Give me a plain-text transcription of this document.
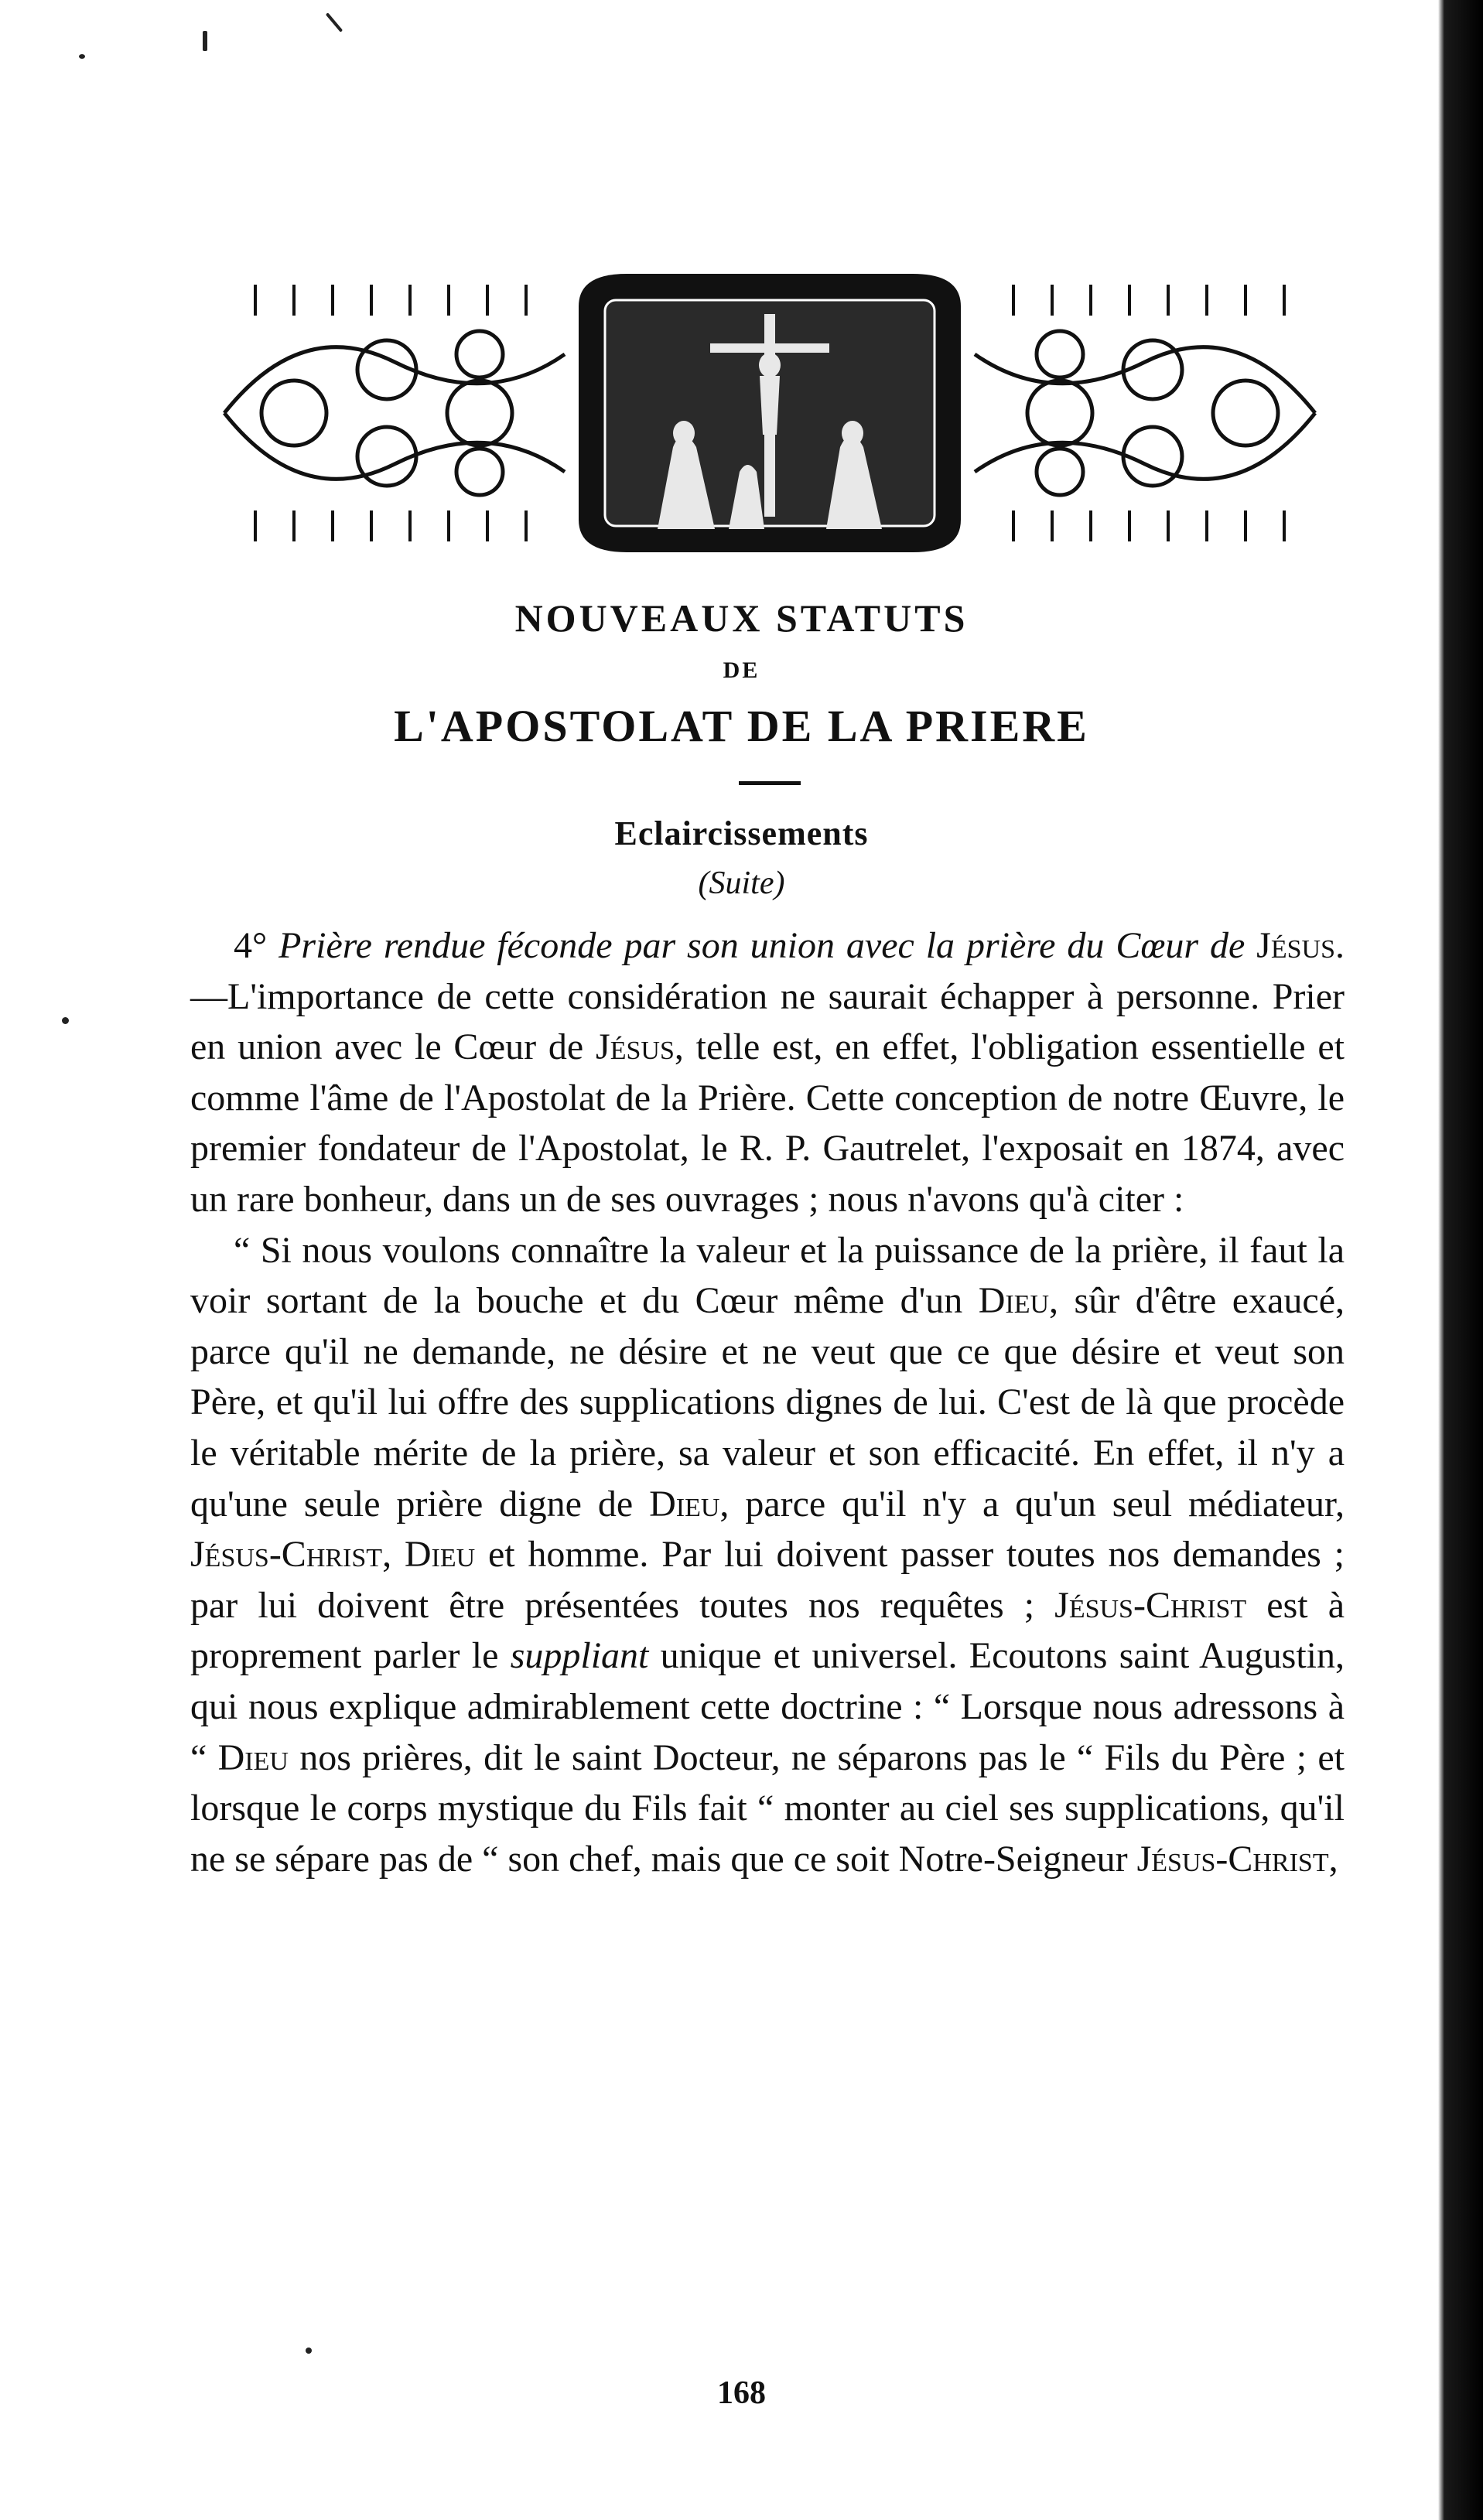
NOUVEAUX STATUTS
DE
L'APOSTOLAT DE LA PRIERE
Eclaircissements
(Suite)

4° Prière rendue féconde par son union avec la prière du Cœur de Jésus.—L'importance de cette considération ne saurait échapper à personne. Prier en union avec le Cœur de Jésus, telle est, en effet, l'obligation essentielle et comme l'âme de l'Apostolat de la Prière. Cette conception de notre Œuvre, le premier fondateur de l'Apostolat, le R. P. Gautrelet, l'exposait en 1874, avec un rare bonheur, dans un de ses ouvrages ; nous n'avons qu'à citer :

“ Si nous voulons connaître la valeur et la puissance de la prière, il faut la voir sortant de la bouche et du Cœur même d'un Dieu, sûr d'être exaucé, parce qu'il ne demande, ne désire et ne veut que ce que désire et veut son Père, et qu'il lui offre des supplications dignes de lui. C'est de là que procède le véritable mérite de la prière, sa valeur et son efficacité. En effet, il n'y a qu'une seule prière digne de Dieu, parce qu'il n'y a qu'un seul médiateur, Jésus-Christ, Dieu et homme. Par lui doivent passer toutes nos demandes ; par lui doivent être présentées toutes nos requêtes ; Jésus-Christ est à proprement parler le suppliant unique et universel. Ecoutons saint Augustin, qui nous explique admirablement cette doctrine : “ Lorsque nous adressons à “ Dieu nos prières, dit le saint Docteur, ne séparons pas le “ Fils du Père ; et lorsque le corps mystique du Fils fait “ monter au ciel ses supplications, qu'il ne se sépare pas de “ son chef, mais que ce soit Notre-Seigneur Jésus-Christ,

168
